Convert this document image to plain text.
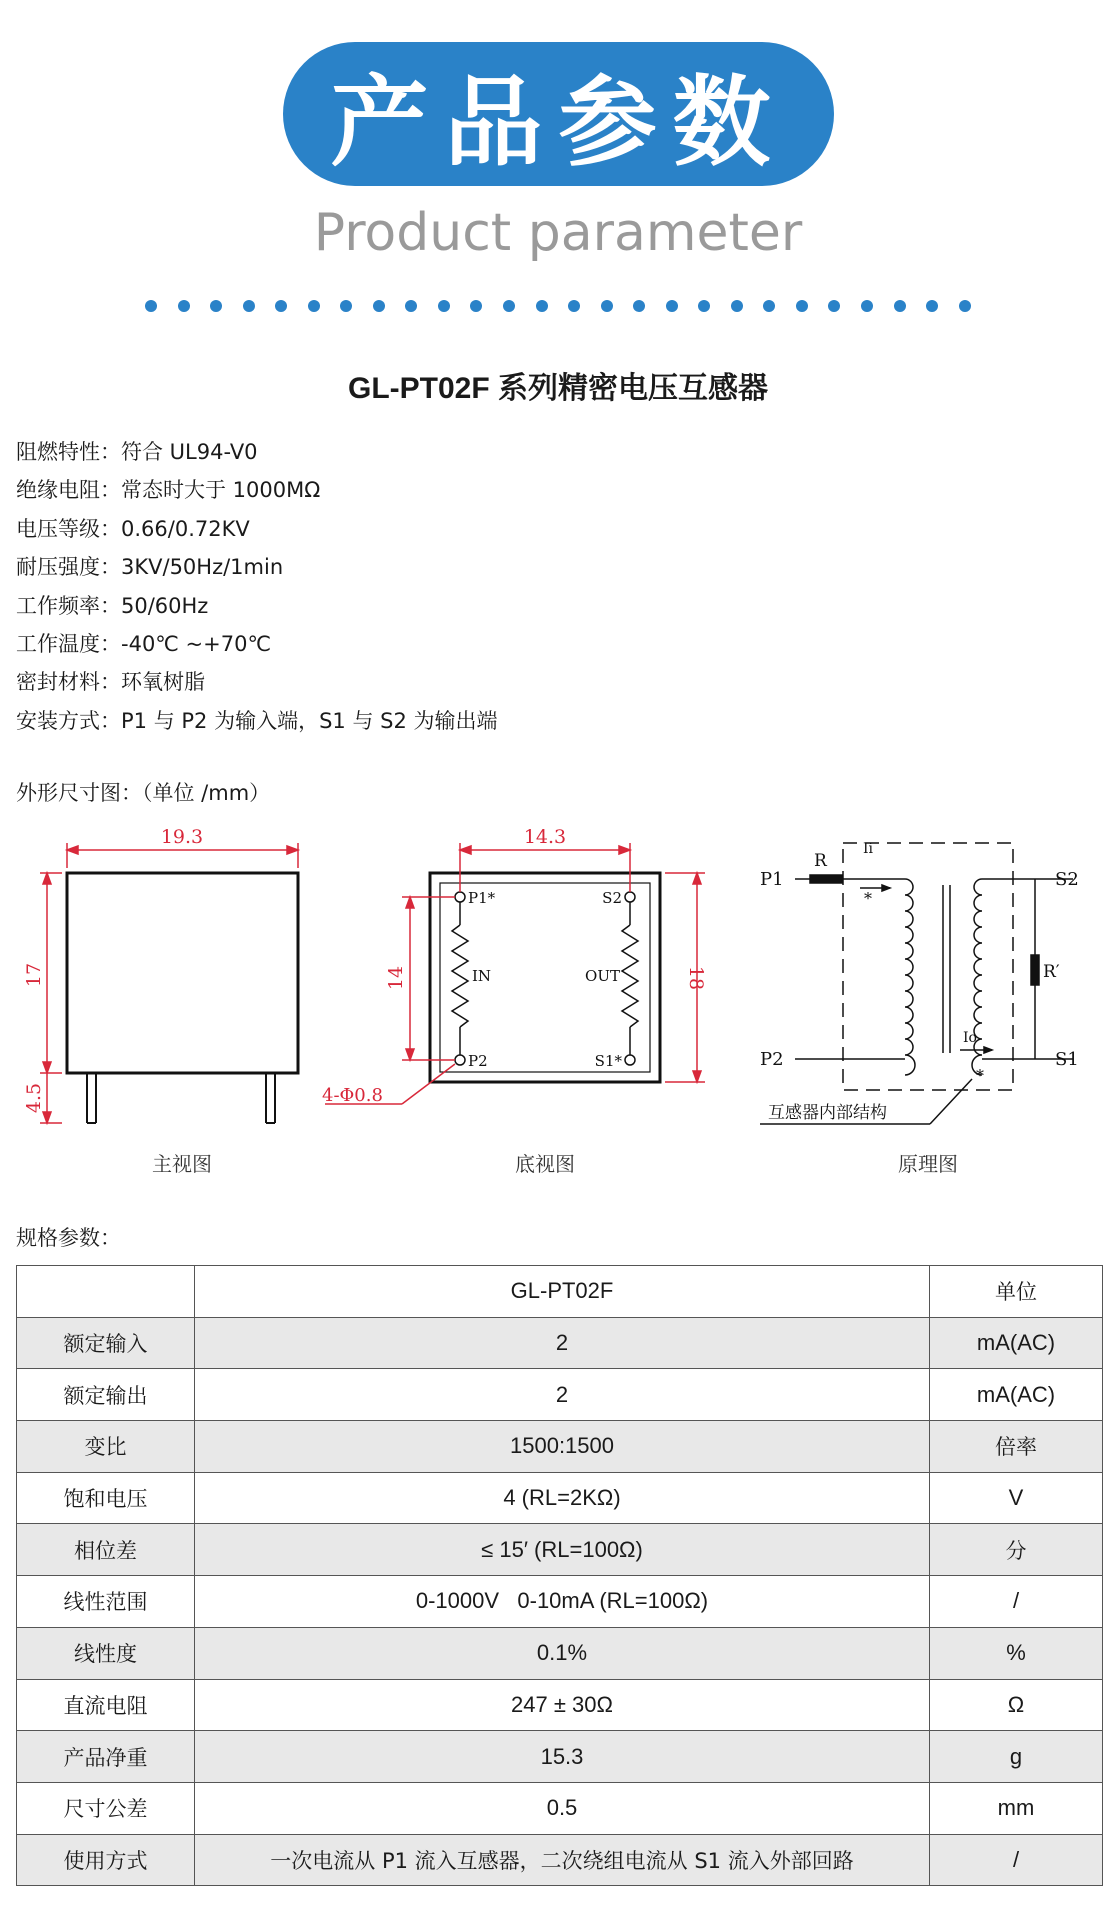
产品参数
Product parameter
GL-PT02F 系列精密电压互感器
阻燃特性：符合 UL94-V0
绝缘电阻：常态时大于 1000MΩ
电压等级：0.66/0.72KV
耐压强度：3KV/50Hz/1min
工作频率：50/60Hz
工作温度：-40℃ ~+70℃
密封材料：环氧树脂
安装方式：P1 与 P2 为输入端，S1 与 S2 为输出端
外形尺寸图：（单位 /mm）
19.3
17
4.5
14.3
14	18
4-Φ0.8
P1*
P2
S2
S1*
IN	OUT
P1
P2
S2
S1
R
R′
Ii
Io
*
*
互感器内部结构
主视图	底视图	原理图
规格参数：
	GL-PT02F	单位
额定输入	2	mA(AC)
额定输出	2	mA(AC)
变比	1500:1500	倍率
饱和电压	4 (RL=2KΩ)	V
相位差	≤ 15′ (RL=100Ω)	分
线性范围	0-1000V   0-10mA (RL=100Ω)	/
线性度	0.1%	%
直流电阻	247 ± 30Ω	Ω
产品净重	15.3	g
尺寸公差	0.5	mm
使用方式	一次电流从 P1 流入互感器，二次绕组电流从 S1 流入外部回路	/
